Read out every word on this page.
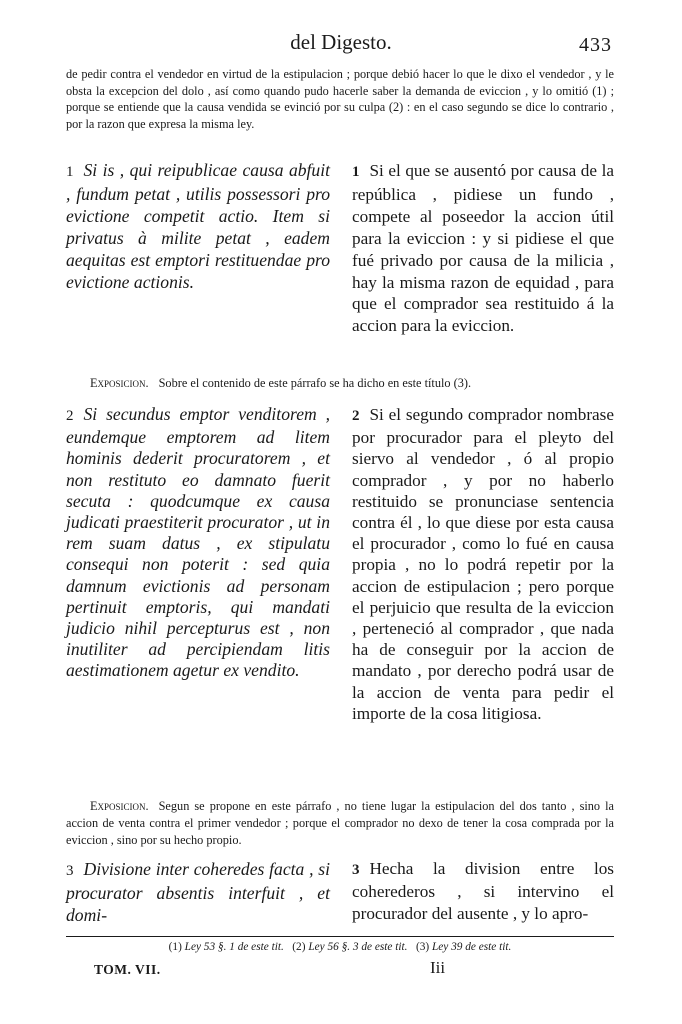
del Digesto.	433
de pedir contra el vendedor en virtud de la estipulacion ; porque debió hacer lo que le dixo el vendedor , y le obsta la excepcion del dolo , así como quando pudo hacerle saber la demanda de eviccion , y lo omitió (1) ; porque se entiende que la causa vendida se evinció por su culpa (2) : en el caso segundo se dice lo contrario , por la razon que expresa la misma ley.
1 Si is , qui reipublicae causa abfuit , fundum petat , utilis possessori pro evictione competit actio. Item si privatus à milite petat , eadem aequitas est emptori restituendae pro evictione actionis.
1 Si el que se ausentó por causa de la república , pidiese un fundo , compete al poseedor la accion útil para la eviccion : y si pidiese el que fué privado por causa de la milicia , hay la misma razon de equidad , para que el comprador sea restituido á la accion para la eviccion.
Exposicion. Sobre el contenido de este párrafo se ha dicho en este título (3).
2 Si secundus emptor venditorem , eundemque emptorem ad litem hominis dederit procuratorem , et non restituto eo damnato fuerit secuta : quodcumque ex causa judicati praestiterit procurator , ut in rem suam datus , ex stipulatu consequi non poterit : sed quia damnum evictionis ad personam pertinuit emptoris, qui mandati judicio nihil percepturus est , non inutiliter ad percipiendam litis aestimationem agetur ex vendito.
2 Si el segundo comprador nombrase por procurador para el pleyto del siervo al vendedor , ó al propio comprador , y por no haberlo restituido se pronunciase sentencia contra él , lo que diese por esta causa el procurador , como lo fué en causa propia , no lo podrá repetir por la accion de estipulacion ; pero porque el perjuicio que resulta de la eviccion , perteneció al comprador , que nada ha de conseguir por la accion de mandato , por derecho podrá usar de la accion de venta para pedir el importe de la cosa litigiosa.
Exposicion. Segun se propone en este párrafo , no tiene lugar la estipulacion del dos tanto , sino la accion de venta contra el primer vendedor ; porque el comprador no dexo de tener la cosa comprada por la eviccion , sino por su hecho propio.
3 Divisione inter coheredes facta , si procurator absentis interfuit , et domi-
3 Hecha la division entre los coherederos , si intervino el procurador del ausente , y lo apro-
(1) Ley 53 §. 1 de este tit. (2) Ley 56 §. 3 de este tit. (3) Ley 39 de este tit.
TOM. VII.	Iii
